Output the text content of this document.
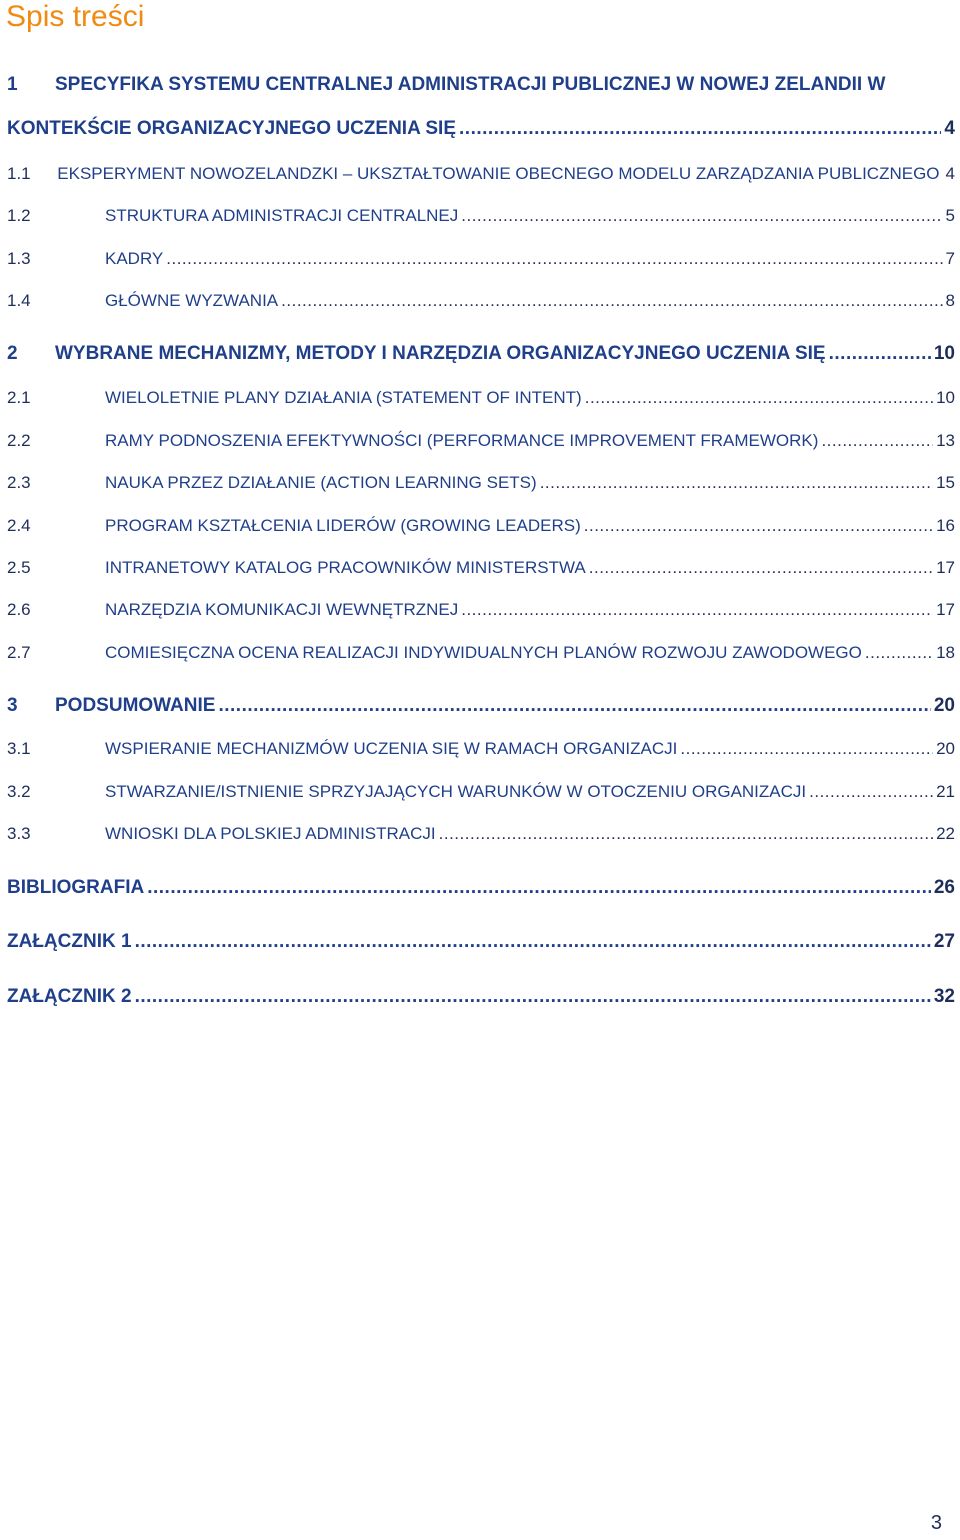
Spis treści
1 SPECYFIKA SYSTEMU CENTRALNEJ ADMINISTRACJI PUBLICZNEJ W NOWEJ ZELANDII W
KONTEKŚCIE ORGANIZACYJNEGO UCZENIA SIĘ .....	4
1.1	EKSPERYMENT NOWOZELANDZKI – UKSZTAŁTOWANIE OBECNEGO MODELU ZARZĄDZANIA PUBLICZNEGO 4
1.2	STRUKTURA ADMINISTRACJI CENTRALNEJ .....	5
1.3	KADRY .....	7
1.4	GŁÓWNE WYZWANIA .....	8
2	WYBRANE MECHANIZMY, METODY I NARZĘDZIA ORGANIZACYJNEGO UCZENIA SIĘ .....	10
2.1	WIELOLETNIE PLANY DZIAŁANIA (STATEMENT OF INTENT) .....	10
2.2	RAMY PODNOSZENIA EFEKTYWNOŚCI (PERFORMANCE IMPROVEMENT FRAMEWORK) .....	13
2.3	NAUKA PRZEZ DZIAŁANIE (ACTION LEARNING SETS) .....	15
2.4	PROGRAM KSZTAŁCENIA LIDERÓW (GROWING LEADERS) .....	16
2.5	INTRANETOWY KATALOG PRACOWNIKÓW MINISTERSTWA .....	17
2.6	NARZĘDZIA KOMUNIKACJI WEWNĘTRZNEJ .....	17
2.7	COMIESIĘCZNA OCENA REALIZACJI INDYWIDUALNYCH PLANÓW ROZWOJU ZAWODOWEGO .....	18
3	PODSUMOWANIE .....	20
3.1	WSPIERANIE MECHANIZMÓW UCZENIA SIĘ W RAMACH ORGANIZACJI .....	20
3.2	STWARZANIE/ISTNIENIE SPRZYJAJĄCYCH WARUNKÓW W OTOCZENIU ORGANIZACJI .....	21
3.3	WNIOSKI DLA POLSKIEJ ADMINISTRACJI .....	22
BIBLIOGRAFIA .....	26
ZAŁĄCZNIK 1 .....	27
ZAŁĄCZNIK 2 .....	32
3
